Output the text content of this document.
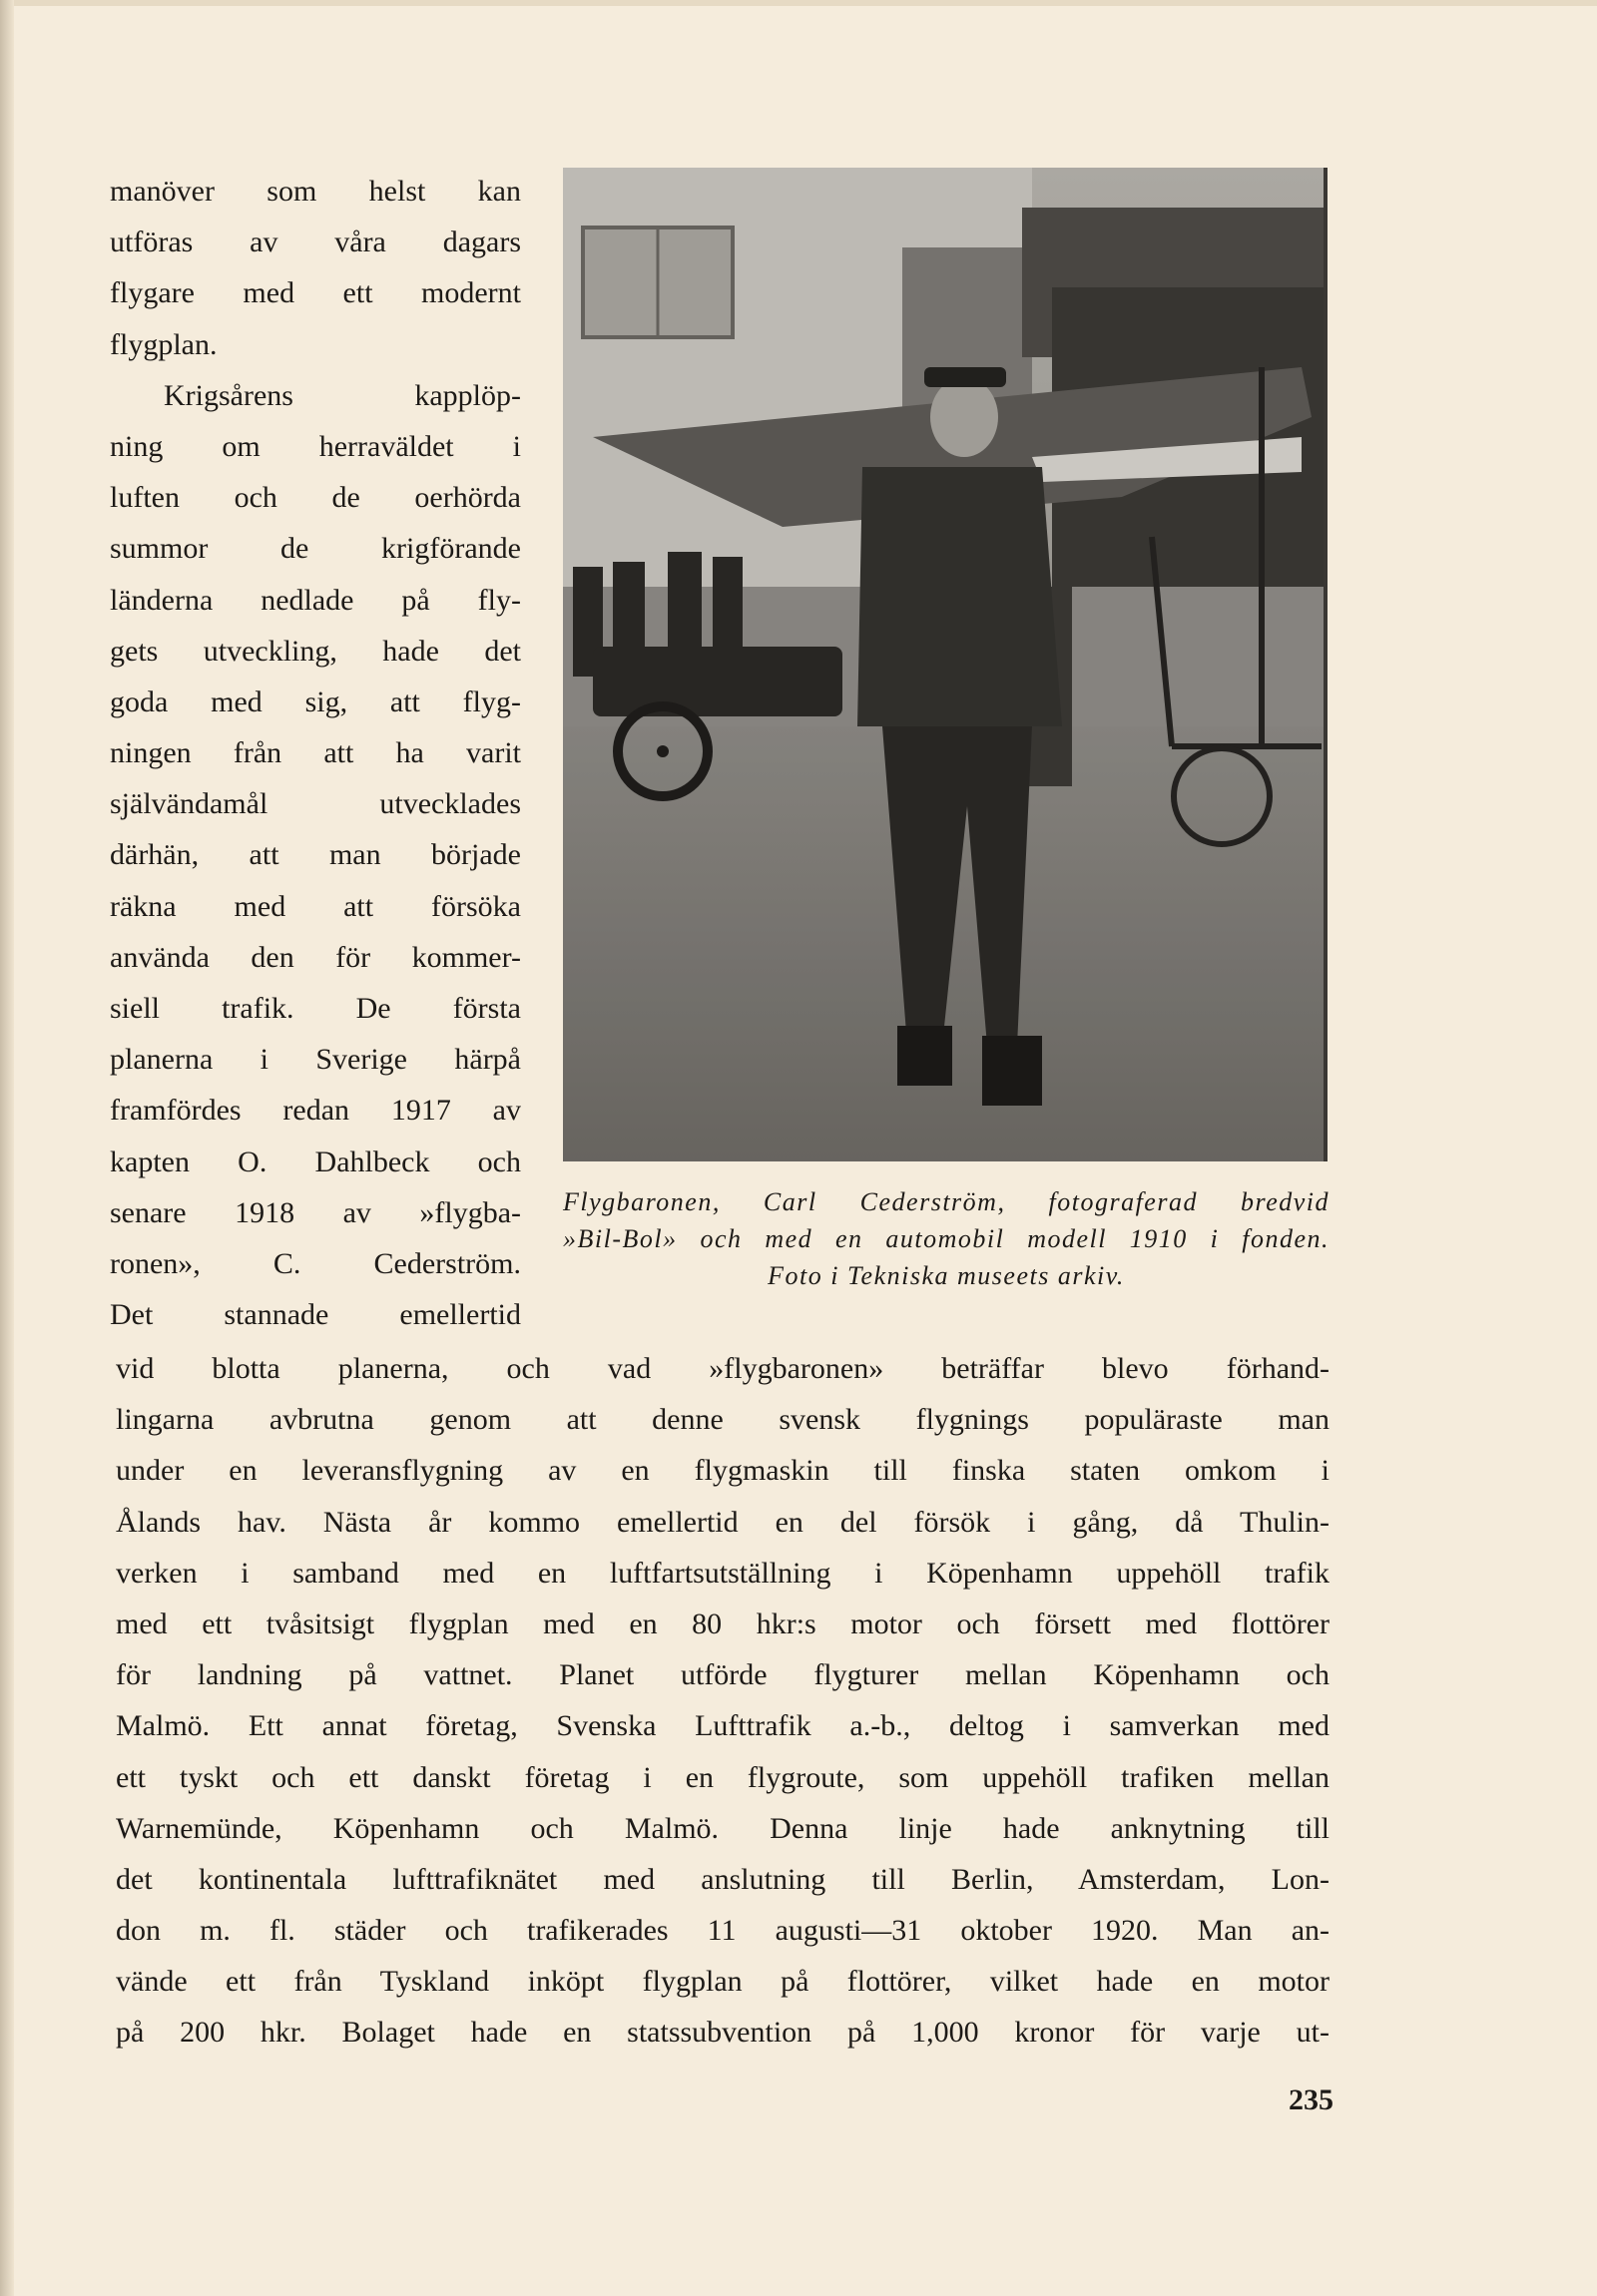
manöver som helst kan
utföras av våra dagars
flygare med ett modernt
flygplan.
Krigsårens kapplöp-
ning om herraväldet i
luften och de oerhörda
summor de krigförande
länderna nedlade på fly-
gets utveckling, hade det
goda med sig, att flyg-
ningen från att ha varit
självändamål utvecklades
därhän, att man började
räkna med att försöka
använda den för kommer-
siell trafik. De första
planerna i Sverige härpå
framfördes redan 1917 av
kapten O. Dahlbeck och
senare 1918 av »flygba-
ronen», C. Cederström.
Det stannade emellertid
Flygbaronen, Carl Cederström, fotograferad bredvid
»Bil-Bol» och med en automobil modell 1910 i fonden.
Foto i Tekniska museets arkiv.
vid blotta planerna, och vad »flygbaronen» beträffar blevo förhand-
lingarna avbrutna genom att denne svensk flygnings populäraste man
under en leveransflygning av en flygmaskin till finska staten omkom i
Ålands hav. Nästa år kommo emellertid en del försök i gång, då Thulin-
verken i samband med en luftfartsutställning i Köpenhamn uppehöll trafik
med ett tvåsitsigt flygplan med en 80 hkr:s motor och försett med flottörer
för landning på vattnet. Planet utförde flygturer mellan Köpenhamn och
Malmö. Ett annat företag, Svenska Lufttrafik a.-b., deltog i samverkan med
ett tyskt och ett danskt företag i en flygroute, som uppehöll trafiken mellan
Warnemünde, Köpenhamn och Malmö. Denna linje hade anknytning till
det kontinentala lufttrafiknätet med anslutning till Berlin, Amsterdam, Lon-
don m. fl. städer och trafikerades 11 augusti—31 oktober 1920. Man an-
vände ett från Tyskland inköpt flygplan på flottörer, vilket hade en motor
på 200 hkr. Bolaget hade en statssubvention på 1,000 kronor för varje ut-
235
